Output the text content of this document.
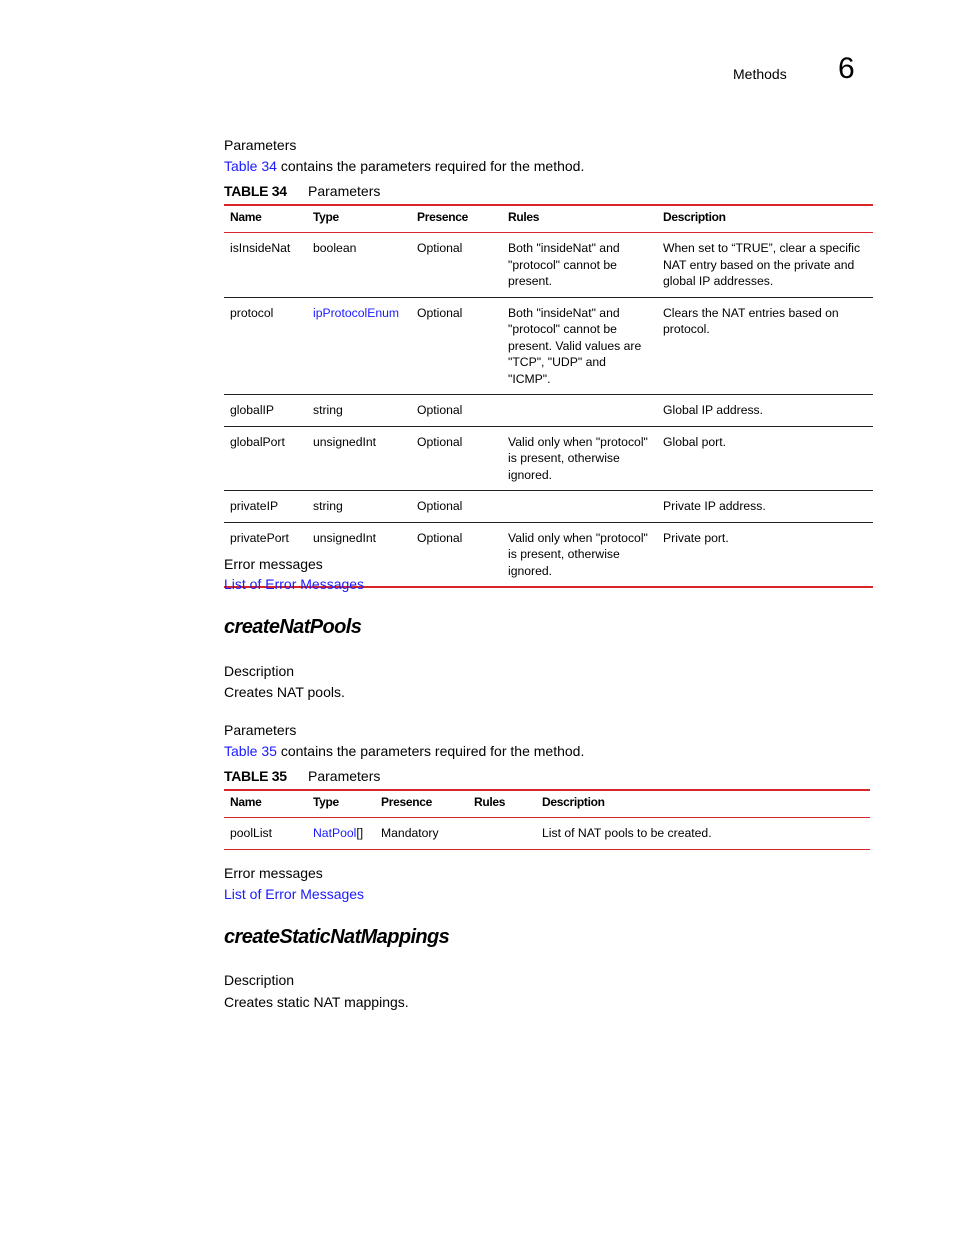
Methods 6
Parameters
Table 34 contains the parameters required for the method.
TABLE 34 Parameters
Name	Type	Presence	Rules	Description
isInsideNat	boolean	Optional	Both "insideNat" and "protocol" cannot be present.	When set to “TRUE”, clear a specific NAT entry based on the private and global IP addresses.
protocol	ipProtocolEnum	Optional	Both "insideNat" and "protocol" cannot be present. Valid values are "TCP", "UDP" and "ICMP".	Clears the NAT entries based on protocol.
globalIP	string	Optional		Global IP address.
globalPort	unsignedInt	Optional	Valid only when "protocol" is present, otherwise ignored.	Global port.
privateIP	string	Optional		Private IP address.
privatePort	unsignedInt	Optional	Valid only when "protocol" is present, otherwise ignored.	Private port.
Error messages
List of Error Messages
createNatPools
Description
Creates NAT pools.
Parameters
Table 35 contains the parameters required for the method.
TABLE 35 Parameters
Name	Type	Presence	Rules	Description
poolList	NatPool[]	Mandatory		List of NAT pools to be created.
Error messages
List of Error Messages
createStaticNatMappings
Description
Creates static NAT mappings.
